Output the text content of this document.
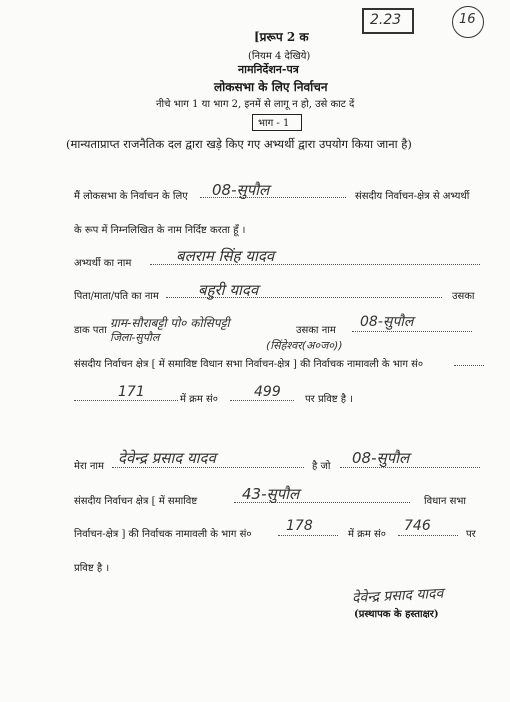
2.23	16
[प्ररूप 2 क
(नियम 4 देखिये)
नामनिर्देशन-पत्र
लोकसभा के लिए निर्वाचन
नीचे भाग 1 या भाग 2, इनमें से लागू न हो, उसे काट दें
भाग - 1
(मान्यताप्राप्त राजनैतिक दल द्वारा खड़े किए गए अभ्यर्थी द्वारा उपयोग किया जाना है)
मैं लोकसभा के निर्वाचन के लिए 08-सुपौल	संसदीय निर्वाचन-क्षेत्र से अभ्यर्थी
के रूप में निम्नलिखित के नाम निर्दिष्ट करता हूँ ।
अभ्यर्थी का नाम	बलराम सिंह यादव
पिता/माता/पति का नाम	बहुरी यादव	उसका
डाक पता
ग्राम-सौराबट्टी पो० कोसिपट्टी
जिला-सुपौल
उसका नाम
08-सुपौल
(सिंहेश्वर(अ०ज०))
संसदीय निर्वाचन क्षेत्र [ में समाविष्ट विधान सभा निर्वाचन-क्षेत्र ] की निर्वाचक नामावली के भाग सं०
171	में क्रम सं०	499 पर प्रविष्ट है ।
मेरा नाम देवेन्द्र प्रसाद यादव	है जो 08-सुपौल
संसदीय निर्वाचन क्षेत्र [ में समाविष्ट	43-सुपौल	विधान सभा
निर्वाचन-क्षेत्र ] की निर्वाचक नामावली के भाग सं०
178
में क्रम सं०
746
पर
प्रविष्ट है ।
देवेन्द्र प्रसाद यादव
(प्रस्थापक के हस्ताक्षर)
